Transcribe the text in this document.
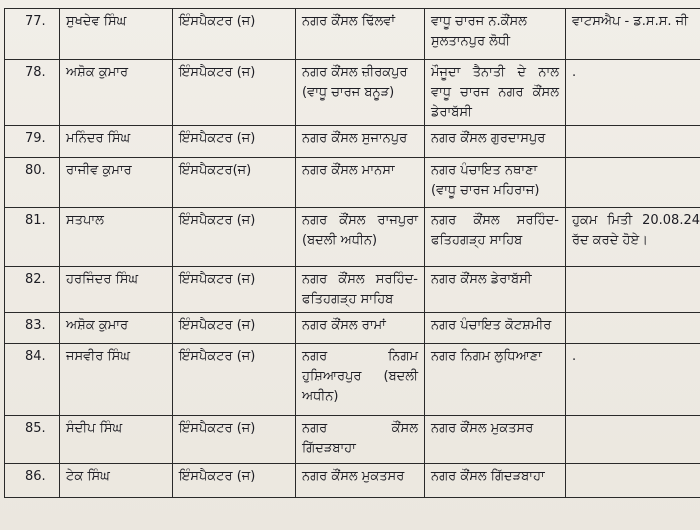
77.	ਸੁਖਦੇਵ ਸਿੰਘ	ਇੰਸਪੈਕਟਰ (ਜ)	ਨਗਰ ਕੌਂਸਲ ਢਿੱਲਵਾਂ	ਵਾਧੂ ਚਾਰਜ ਨ.ਕੌਂਸਲ
ਸੁਲਤਾਨਪੁਰ ਲੋਧੀ	ਵਾਟਸਐਪ - ਡ.ਸ.ਸ. ਜੀ

78.	ਅਸ਼ੋਕ ਕੁਮਾਰ	ਇੰਸਪੈਕਟਰ (ਜ)	ਨਗਰ ਕੌਂਸਲ ਜ਼ੀਰਕਪੁਰ
(ਵਾਧੂ ਚਾਰਜ ਬਨੂੜ)	ਮੌਜੂਦਾ ਤੈਨਾਤੀ ਦੇ ਨਾਲ
ਵਾਧੂ ਚਾਰਜ ਨਗਰ ਕੌਂਸਲ
ਡੇਰਾਬੱਸੀ	.

79.	ਮਨਿੰਦਰ ਸਿੰਘ	ਇੰਸਪੈਕਟਰ (ਜ)	ਨਗਰ ਕੌਂਸਲ ਸੁਜਾਨਪੁਰ	ਨਗਰ ਕੌਂਸਲ ਗੁਰਦਾਸਪੁਰ	

80.	ਰਾਜੀਵ ਕੁਮਾਰ	ਇੰਸਪੈਕਟਰ(ਜ)	ਨਗਰ ਕੌਂਸਲ ਮਾਨਸਾ	ਨਗਰ ਪੰਚਾਇਤ ਨਥਾਣਾ
(ਵਾਧੂ ਚਾਰਜ ਮਹਿਰਾਜ)	

81.	ਸਤਪਾਲ	ਇੰਸਪੈਕਟਰ (ਜ)	ਨਗਰ ਕੌਂਸਲ ਰਾਜਪੁਰਾ
(ਬਦਲੀ ਅਧੀਨ)	ਨਗਰ ਕੌਂਸਲ ਸਰਹਿੰਦ-
ਫਤਿਹਗੜ੍ਹ ਸਾਹਿਬ	ਹੁਕਮ ਮਿਤੀ 20.08.24
ਰੱਦ ਕਰਦੇ ਹੋਏ।

82.	ਹਰਜਿੰਦਰ ਸਿੰਘ	ਇੰਸਪੈਕਟਰ (ਜ)	ਨਗਰ ਕੌਂਸਲ ਸਰਹਿੰਦ-
ਫਤਿਹਗੜ੍ਹ ਸਾਹਿਬ	ਨਗਰ ਕੌਂਸਲ ਡੇਰਾਬੱਸੀ	

83.	ਅਸ਼ੋਕ ਕੁਮਾਰ	ਇੰਸਪੈਕਟਰ (ਜ)	ਨਗਰ ਕੌਂਸਲ ਰਾਮਾਂ	ਨਗਰ ਪੰਚਾਇਤ ਕੋਟਸ਼ਮੀਰ	

84.	ਜਸਵੀਰ ਸਿੰਘ	ਇੰਸਪੈਕਟਰ (ਜ)	ਨਗਰ ਨਿਗਮ
ਹੁਸ਼ਿਆਰਪੁਰ (ਬਦਲੀ
ਅਧੀਨ)	ਨਗਰ ਨਿਗਮ ਲੁਧਿਆਣਾ	.

85.	ਸੰਦੀਪ ਸਿੰਘ	ਇੰਸਪੈਕਟਰ (ਜ)	ਨਗਰ ਕੌਂਸਲ
ਗਿੱਦੜਬਾਹਾ	ਨਗਰ ਕੌਂਸਲ ਮੁਕਤਸਰ	

86.	ਟੇਕ ਸਿੰਘ	ਇੰਸਪੈਕਟਰ (ਜ)	ਨਗਰ ਕੌਂਸਲ ਮੁਕਤਸਰ	ਨਗਰ ਕੌਂਸਲ ਗਿੱਦੜਬਾਹਾ	
